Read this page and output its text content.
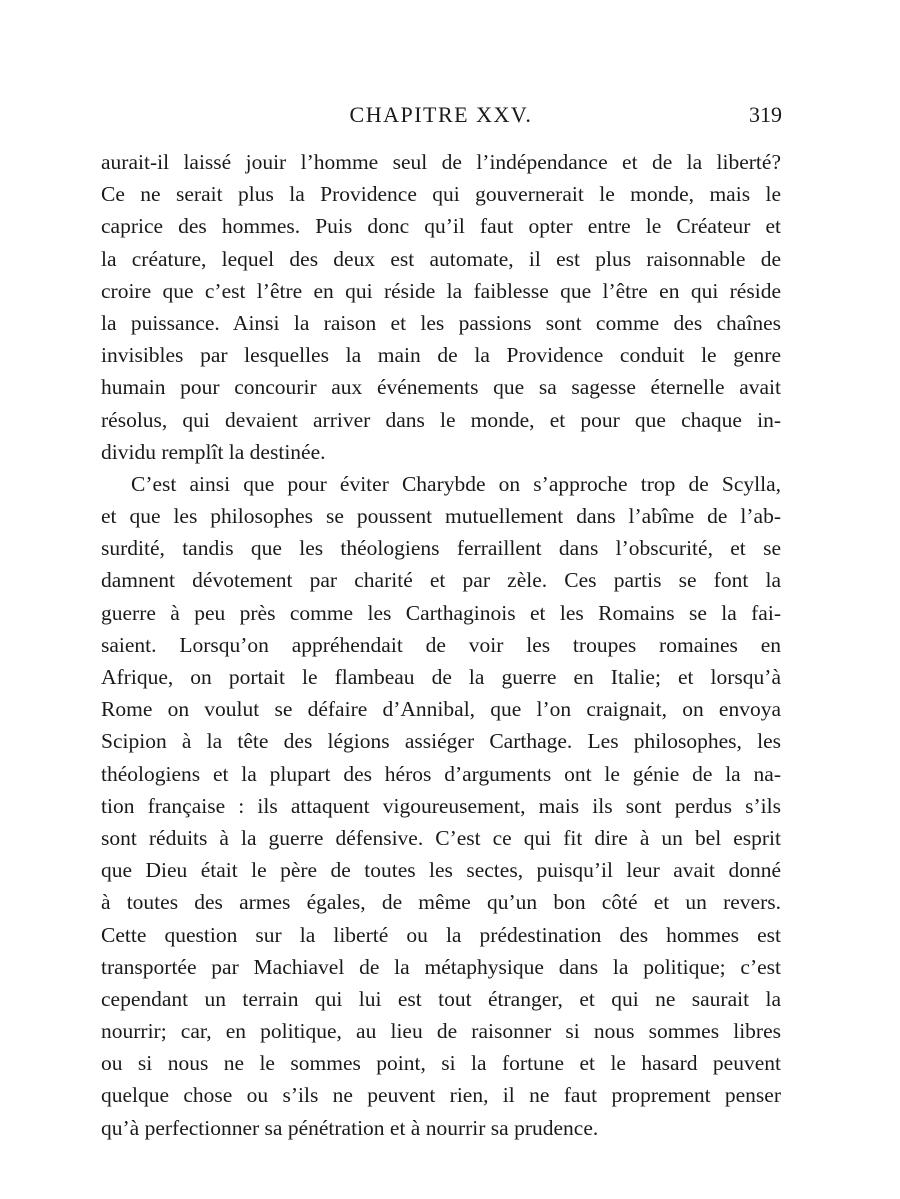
CHAPITRE XXV.	319
aurait-il laissé jouir l’homme seul de l’indépendance et de la liberté?
Ce ne serait plus la Providence qui gouvernerait le monde, mais le
caprice des hommes. Puis donc qu’il faut opter entre le Créateur et
la créature, lequel des deux est automate, il est plus raisonnable de
croire que c’est l’être en qui réside la faiblesse que l’être en qui réside
la puissance. Ainsi la raison et les passions sont comme des chaînes
invisibles par lesquelles la main de la Providence conduit le genre
humain pour concourir aux événements que sa sagesse éternelle avait
résolus, qui devaient arriver dans le monde, et pour que chaque in-
dividu remplît la destinée.
C’est ainsi que pour éviter Charybde on s’approche trop de Scylla,
et que les philosophes se poussent mutuellement dans l’abîme de l’ab-
surdité, tandis que les théologiens ferraillent dans l’obscurité, et se
damnent dévotement par charité et par zèle. Ces partis se font la
guerre à peu près comme les Carthaginois et les Romains se la fai-
saient. Lorsqu’on appréhendait de voir les troupes romaines en
Afrique, on portait le flambeau de la guerre en Italie; et lorsqu’à
Rome on voulut se défaire d’Annibal, que l’on craignait, on envoya
Scipion à la tête des légions assiéger Carthage. Les philosophes, les
théologiens et la plupart des héros d’arguments ont le génie de la na-
tion française : ils attaquent vigoureusement, mais ils sont perdus s’ils
sont réduits à la guerre défensive. C’est ce qui fit dire à un bel esprit
que Dieu était le père de toutes les sectes, puisqu’il leur avait donné
à toutes des armes égales, de même qu’un bon côté et un revers.
Cette question sur la liberté ou la prédestination des hommes est
transportée par Machiavel de la métaphysique dans la politique; c’est
cependant un terrain qui lui est tout étranger, et qui ne saurait la
nourrir; car, en politique, au lieu de raisonner si nous sommes libres
ou si nous ne le sommes point, si la fortune et le hasard peuvent
quelque chose ou s’ils ne peuvent rien, il ne faut proprement penser
qu’à perfectionner sa pénétration et à nourrir sa prudence.
